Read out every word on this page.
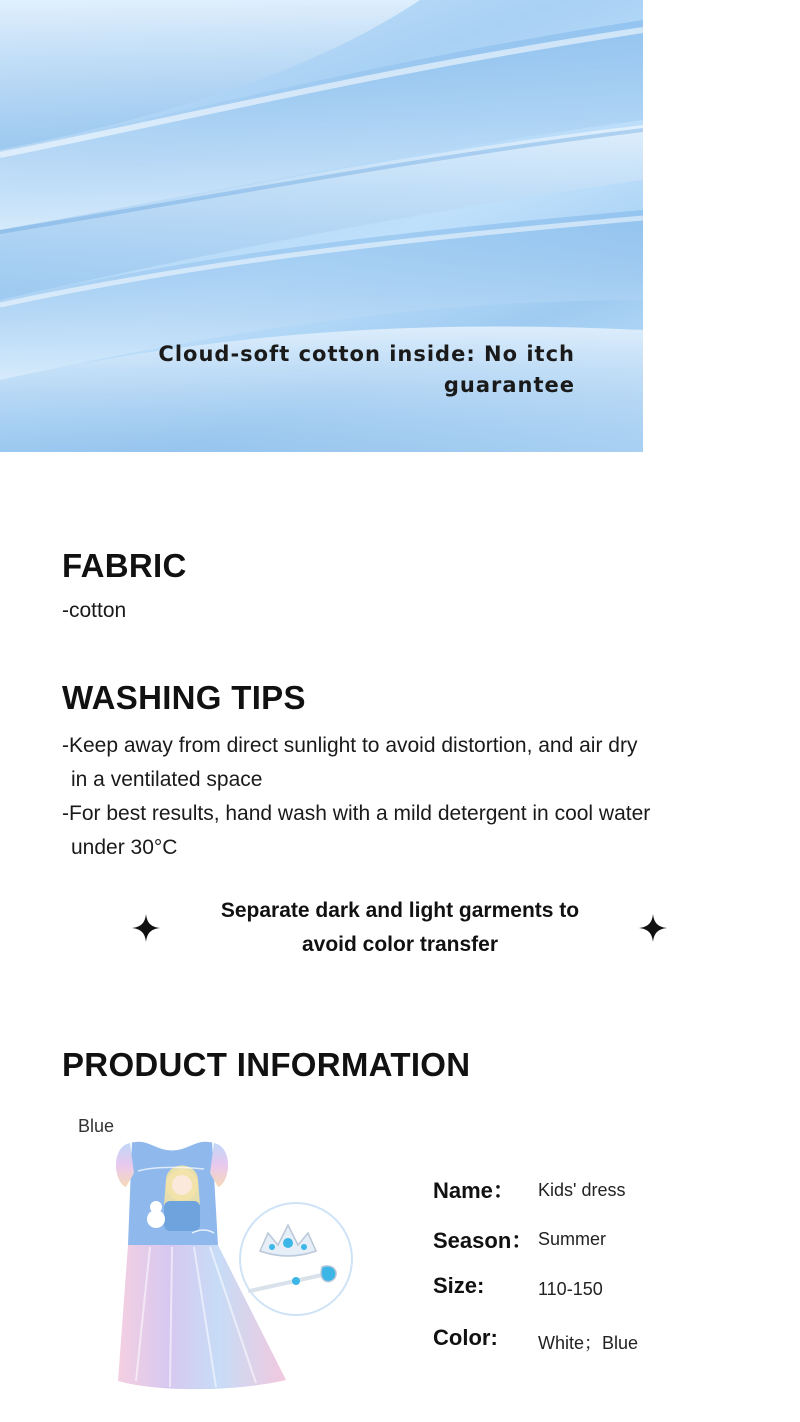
Cloud-soft cotton inside: No itch guarantee
FABRIC
-cotton
WASHING TIPS
-Keep away from direct sunlight to avoid distortion, and air dry
in a ventilated space
-For best results, hand wash with a mild detergent in cool water
under 30°C
Separate dark and light garments to
avoid color transfer
PRODUCT INFORMATION
Blue
Name： Kids' dress
Season： Summer
Size:	110-150
Color: White；Blue
